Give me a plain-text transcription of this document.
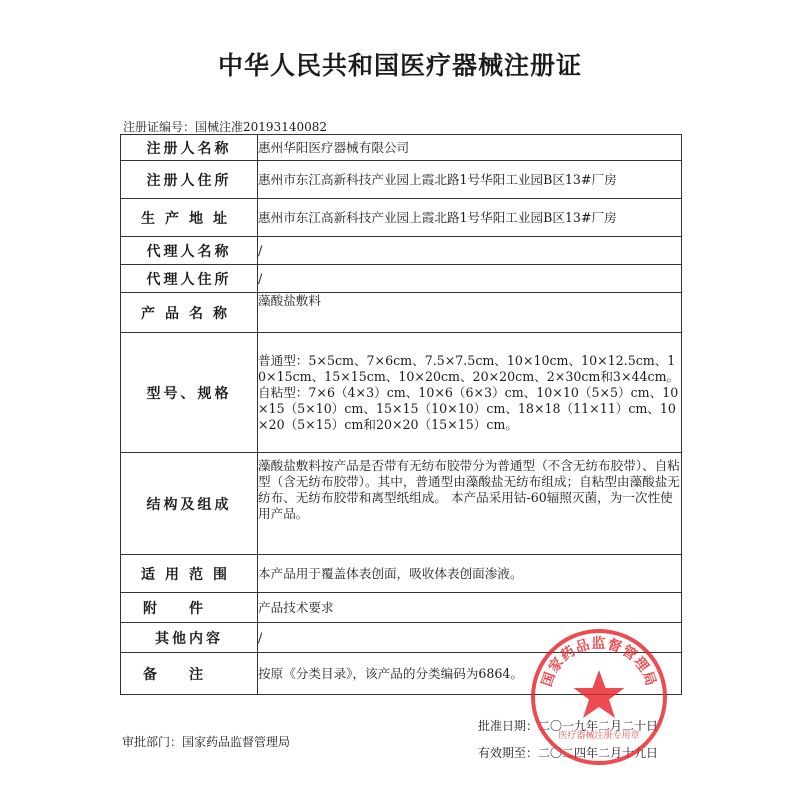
中华人民共和国医疗器械注册证
注册证编号：国械注准20193140082
注册人名称	惠州华阳医疗器械有限公司
注册人住所	惠州市东江高新科技产业园上霞北路1号华阳工业园B区13#厂房
生产地址	惠州市东江高新科技产业园上霞北路1号华阳工业园B区13#厂房
代理人名称	/
代理人住所	/
产品名称	藻酸盐敷料
型号、规格	普通型：5×5cm、7×6cm、7.5×7.5cm、10×10cm、10×12.5cm、10×15cm、15×15cm、10×20cm、20×20cm、2×30cm和3×44cm。
自粘型：7×6（4×3）cm、10×6（6×3）cm、10×10（5×5）cm、10×15（5×10）cm、15×15（10×10）cm、18×18（11×11）cm、10×20（5×15）cm和20×20（15×15）cm。
结构及组成	藻酸盐敷料按产品是否带有无纺布胶带分为普通型（不含无纺布胶带）、自粘型（含无纺布胶带）。其中，普通型由藻酸盐无纺布组成；自粘型由藻酸盐无纺布、无纺布胶带和离型纸组成。 本产品采用钴-60辐照灭菌，为一次性使用产品。
适用范围	本产品用于覆盖体表创面，吸收体表创面渗液。
附件	产品技术要求
其他内容	/
备注	按原《分类目录》，该产品的分类编码为6864。
审批部门：国家药品监督管理局
批准日期：二〇一九年二月二十日
有效期至：二〇二四年二月十九日
国家药品监督管理局
医疗器械注册专用章
